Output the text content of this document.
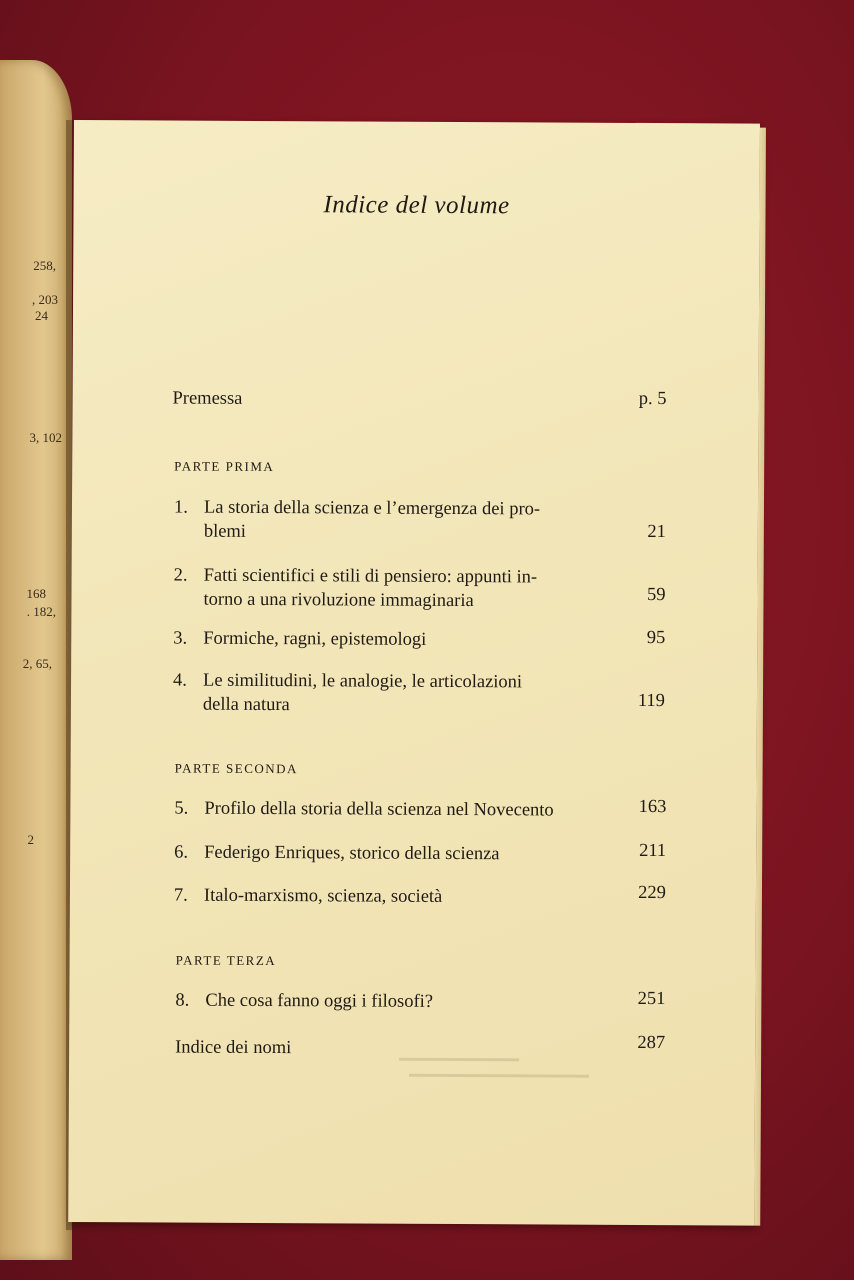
258,
, 203
24
3, 102
168
. 182,
2, 65,
2
Indice del volume
Premessa	p. 5
PARTE PRIMA
1. La storia della scienza e l’emergenza dei pro-
blemi	21
2. Fatti scientifici e stili di pensiero: appunti in-
torno a una rivoluzione immaginaria	59
3. Formiche, ragni, epistemologi	95
4. Le similitudini, le analogie, le articolazioni
della natura	119
PARTE SECONDA
5. Profilo della storia della scienza nel Novecento	163
6. Federigo Enriques, storico della scienza	211
7. Italo-marxismo, scienza, società	229
PARTE TERZA
8. Che cosa fanno oggi i filosofi?	251
Indice dei nomi	287
